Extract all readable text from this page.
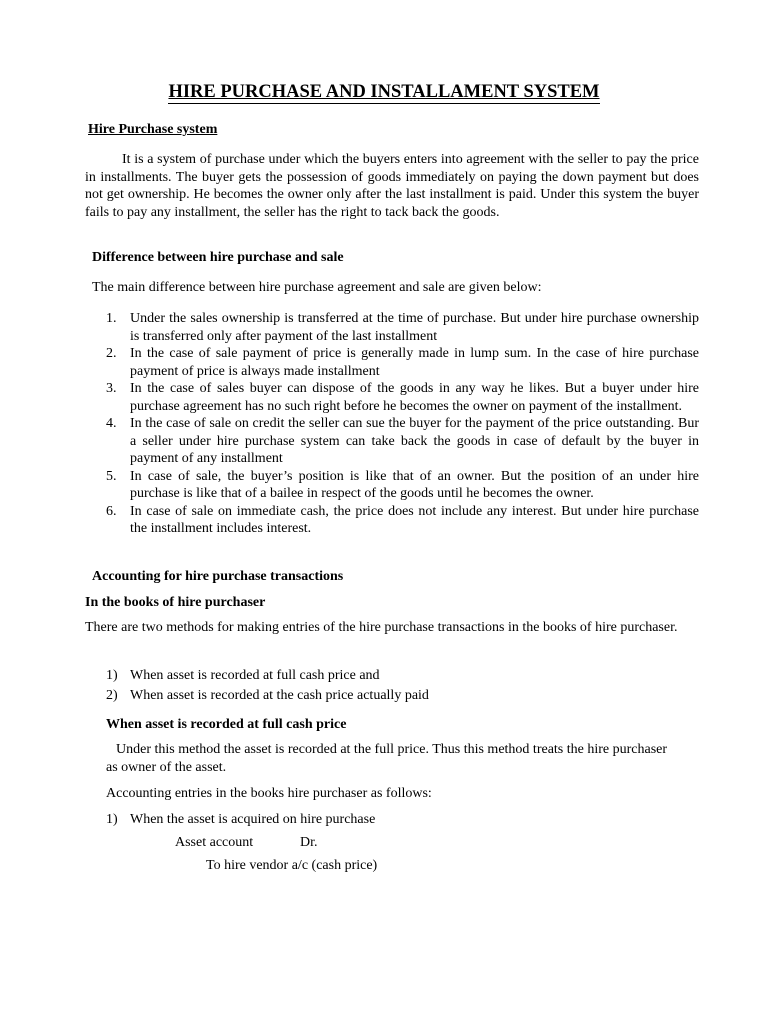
HIRE PURCHASE AND INSTALLAMENT SYSTEM
Hire Purchase system
It is a system of purchase under which the buyers enters into agreement with the seller to pay the price in installments. The buyer gets the possession of goods immediately on paying the down payment but does not get ownership. He becomes the owner only after the last installment is paid. Under this system the buyer fails to pay any installment, the seller has the right to tack back the goods.
Difference between hire purchase and sale
The main difference between hire purchase agreement and sale are given below:
1. Under the sales ownership is transferred at the time of purchase. But under hire purchase ownership is transferred only after payment of the last installment
2. In the case of sale payment of price is generally made in lump sum. In the case of hire purchase payment of price is always made installment
3. In the case of sales buyer can dispose of the goods in any way he likes. But a buyer under hire purchase agreement has no such right before he becomes the owner on payment of the installment.
4. In the case of sale on credit the seller can sue the buyer for the payment of the price outstanding. Bur a seller under hire purchase system can take back the goods in case of default by the buyer in payment of any installment
5. In case of sale, the buyer’s position is like that of an owner. But the position of an under hire purchase is like that of a bailee in respect of the goods until he becomes the owner.
6. In case of sale on immediate cash, the price does not include any interest. But under hire purchase the installment includes interest.
Accounting for hire purchase transactions
In the books of hire purchaser
There are two methods for making entries of the hire purchase transactions in the books of hire purchaser.
1) When asset is recorded at full cash price and
2) When asset is recorded at the cash price actually paid
When asset is recorded at full cash price
Under this method the asset is recorded at the full price. Thus this method treats the hire purchaser as owner of the asset.
Accounting entries in the books hire purchaser as follows:
1) When the asset is acquired on hire purchase
Asset account	Dr.
To hire vendor a/c (cash price)
